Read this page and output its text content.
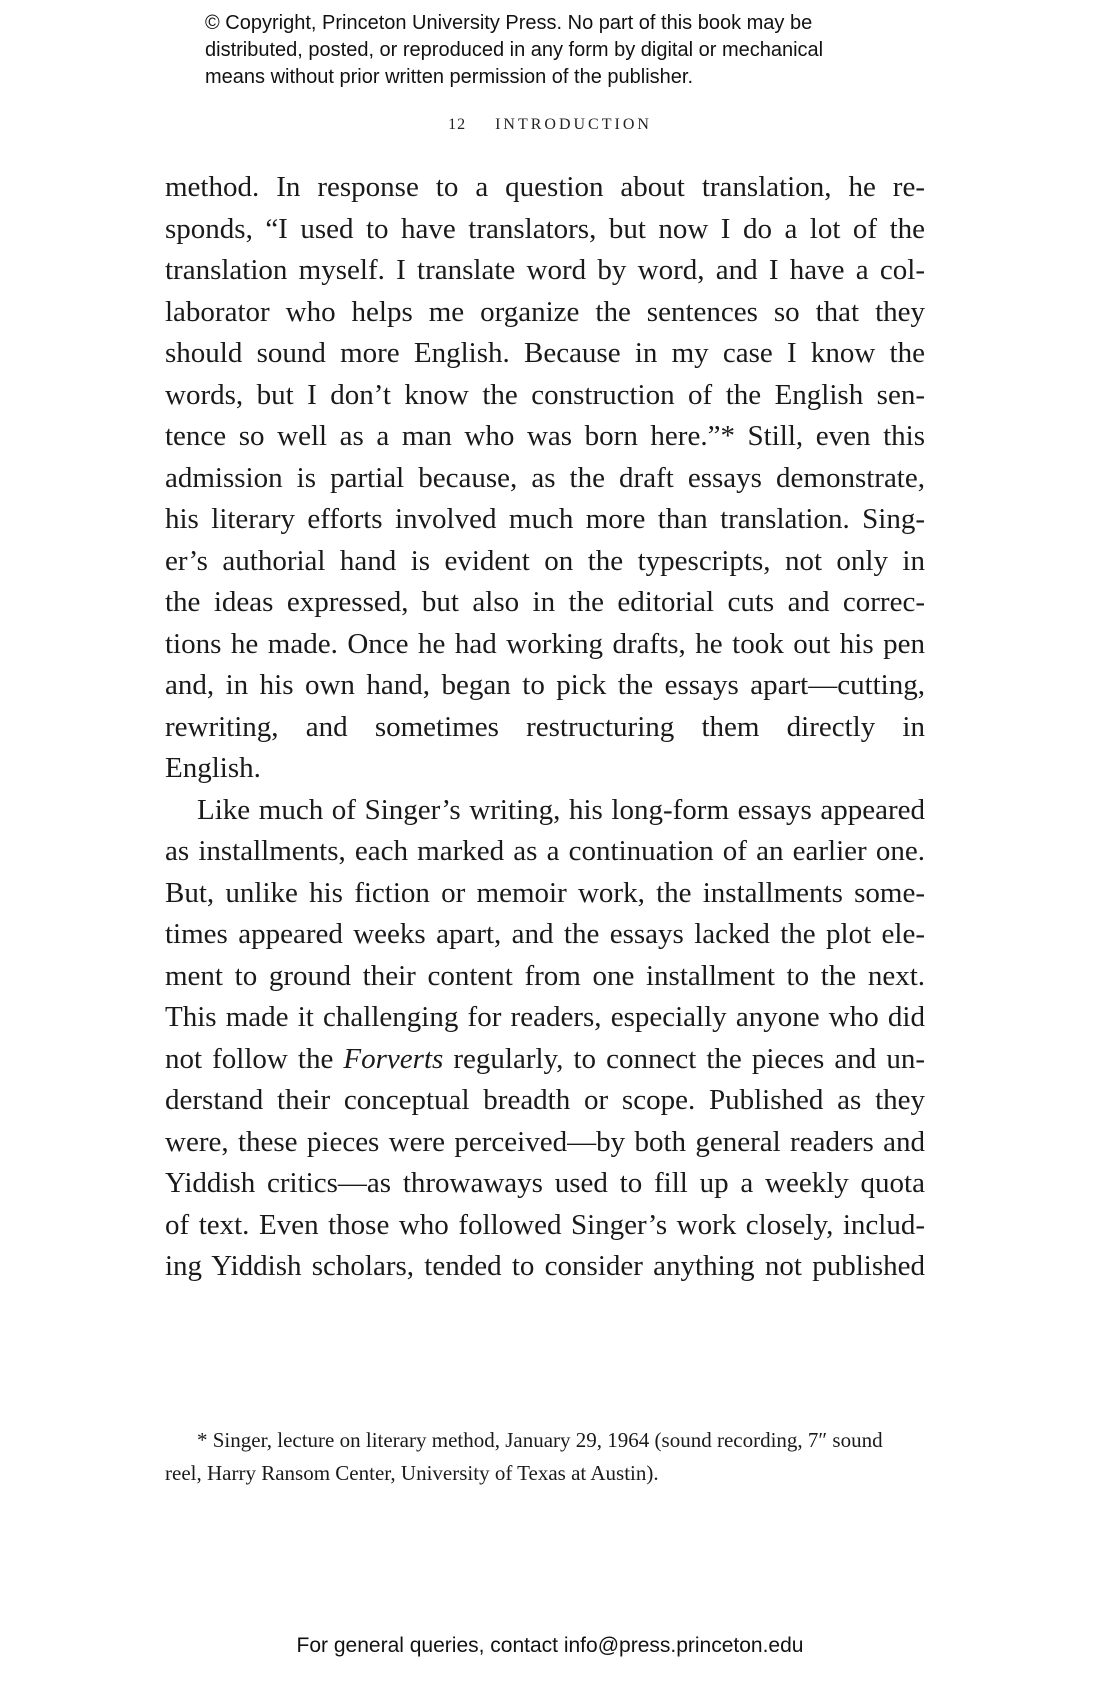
© Copyright, Princeton University Press. No part of this book may be
distributed, posted, or reproduced in any form by digital or mechanical
means without prior written permission of the publisher.
12 INTRODUCTION
method. In response to a question about translation, he re-
sponds, “I used to have translators, but now I do a lot of the
translation myself. I translate word by word, and I have a col-
laborator who helps me organize the sentences so that they
should sound more English. Because in my case I know the
words, but I don’t know the construction of the English sen-
tence so well as a man who was born here.”* Still, even this
admission is partial because, as the draft essays demonstrate,
his literary efforts involved much more than translation. Sing-
er’s authorial hand is evident on the typescripts, not only in
the ideas expressed, but also in the editorial cuts and correc-
tions he made. Once he had working drafts, he took out his pen
and, in his own hand, began to pick the essays apart—cutting,
rewriting, and sometimes restructuring them directly in
English.
Like much of Singer’s writing, his long-form essays appeared
as installments, each marked as a continuation of an earlier one.
But, unlike his fiction or memoir work, the installments some-
times appeared weeks apart, and the essays lacked the plot ele-
ment to ground their content from one installment to the next.
This made it challenging for readers, especially anyone who did
not follow the Forverts regularly, to connect the pieces and un-
derstand their conceptual breadth or scope. Published as they
were, these pieces were perceived—by both general readers and
Yiddish critics—as throwaways used to fill up a weekly quota
of text. Even those who followed Singer’s work closely, includ-
ing Yiddish scholars, tended to consider anything not published
* Singer, lecture on literary method, January 29, 1964 (sound recording, 7″ sound
reel, Harry Ransom Center, University of Texas at Austin).
For general queries, contact info@press.princeton.edu
